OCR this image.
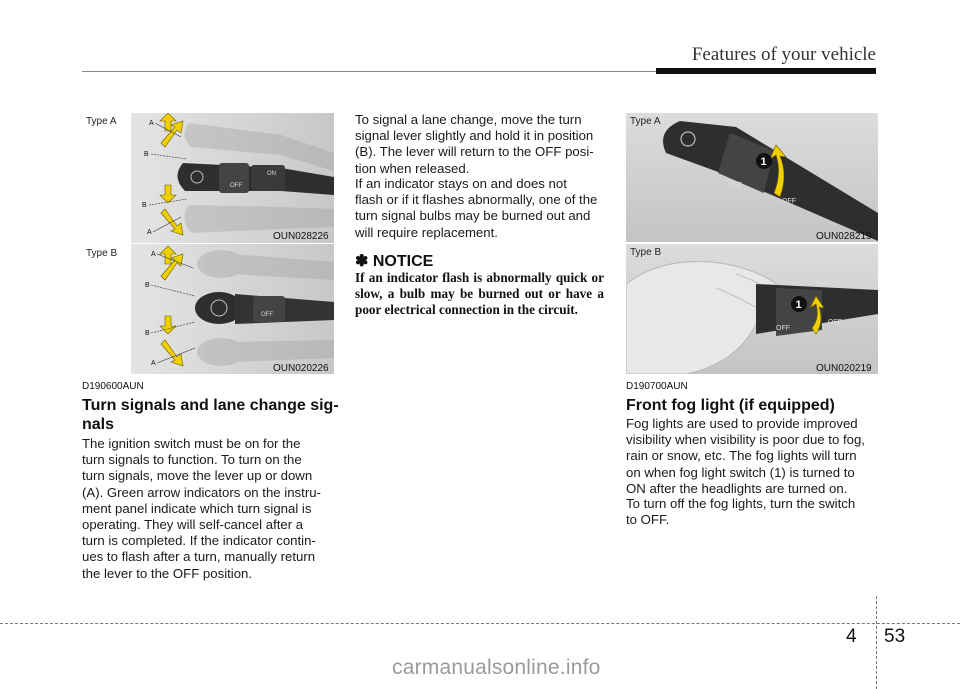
Features of your vehicle
OFF
ON
A
B
B
A
Type A
OUN028226
OFF
A
B
B
A
Type B
OUN020226
D190600AUN
Turn signals and lane change sig-
nals
The ignition switch must be on for the
turn signals to function. To turn on the
turn signals, move the lever up or down
(A). Green arrow indicators on the instru-
ment panel indicate which turn signal is
operating. They will self-cancel after a
turn is completed. If the indicator contin-
ues to flash after a turn, manually return
the lever to the OFF position.
To signal a lane change, move the turn
signal lever slightly and hold it in position
(B). The lever will return to the OFF posi-
tion when released.
If an indicator stays on and does not
flash or if it flashes abnormally, one of the
turn signal bulbs may be burned out and
will require replacement.
✽ NOTICE
If an indicator flash is abnormally quick or slow, a bulb may be burned out or have a poor electrical connection in the circuit.
OFF
OFF
1
Type A
OUN028219
OFF
OFF
1
Type B
OUN020219
D190700AUN
Front fog light (if equipped)
Fog lights are used to provide improved
visibility when visibility is poor due to fog,
rain or snow, etc. The fog lights will turn
on when fog light switch (1) is turned to
ON after the headlights are turned on.
To turn off the fog lights, turn the switch
to OFF.
4 53
carmanualsonline.info
